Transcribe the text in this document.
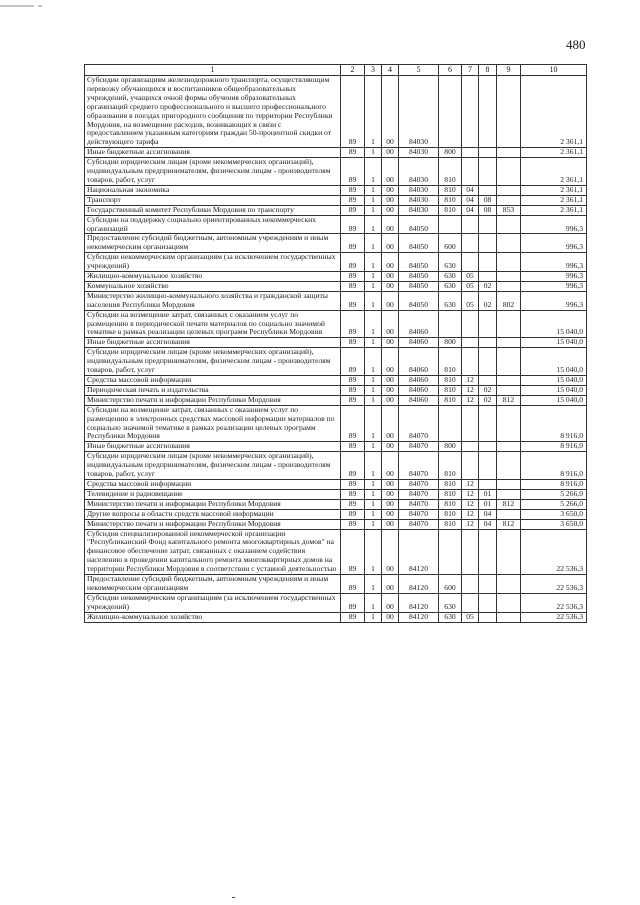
480
1	2	3	4	5	6	7	8	9	10
Субсидии организациям железнодорожного транспорта, осуществляющим перевозку обучающихся и воспитанников общеобразовательных учреждений, учащихся очной формы обучения образовательных организаций среднего профессионального и высшего профессионального образования в поездах пригородного сообщения по территории Республики Мордовия, на возмещение расходов, возникающих в связи с предоставлением указанным категориям граждан 50-процентной скидки от действующего тарифа	89	1	00	84030					2 361,1
Иные бюджетные ассигнования	89	1	00	84030	800				2 361,1
Субсидии юридическим лицам (кроме некоммерческих организаций), индивидуальным предпринимателям, физическим лицам - производителям товаров, работ, услуг	89	1	00	84030	810				2 361,1
Национальная экономика	89	1	00	84030	810	04			2 361,1
Транспорт	89	1	00	84030	810	04	08		2 361,1
Государственный комитет Республики Мордовия по транспорту	89	1	00	84030	810	04	08	853	2 361,1
Субсидии на поддержку социально ориентированных некоммерческих организаций	89	1	00	84050					996,3
Предоставление субсидий бюджетным, автономным учреждениям и иным некоммерческим организациям	89	1	00	84050	600				996,3
Субсидии некоммерческим организациям (за исключением государственных учреждений)	89	1	00	84050	630				996,3
Жилищно-коммунальное хозяйство	89	1	00	84050	630	05			996,3
Коммунальное хозяйство	89	1	00	84050	630	05	02		996,3
Министерство жилищно-коммунального хозяйства и гражданской защиты населения Республики Мордовия	89	1	00	84050	630	05	02	802	996,3
Субсидии на возмещение затрат, связанных с оказанием услуг по размещению в периодической печати материалов по социально значимой тематике в рамках реализации целевых программ Республики Мордовия	89	1	00	84060					15 040,0
Иные бюджетные ассигнования	89	1	00	84060	800				15 040,0
Субсидии юридическим лицам (кроме некоммерческих организаций), индивидуальным предпринимателям, физическим лицам - производителям товаров, работ, услуг	89	1	00	84060	810				15 040,0
Средства массовой информации	89	1	00	84060	810	12			15 040,0
Периодическая печать и издательства	89	1	00	84060	810	12	02		15 040,0
Министерство печати и информации Республики Мордовия	89	1	00	84060	810	12	02	812	15 040,0
Субсидии на возмещение затрат, связанных с оказанием услуг по размещению в электронных средствах массовой информации материалов по социально значимой тематике в рамках реализации целевых программ Республики Мордовия	89	1	00	84070					8 916,0
Иные бюджетные ассигнования	89	1	00	84070	800				8 916,0
Субсидии юридическим лицам (кроме некоммерческих организаций), индивидуальным предпринимателям, физическим лицам - производителям товаров, работ, услуг	89	1	00	84070	810				8 916,0
Средства массовой информации	89	1	00	84070	810	12			8 916,0
Телевидение и радиовещание	89	1	00	84070	810	12	01		5 266,0
Министерство печати и информации Республики Мордовия	89	1	00	84070	810	12	01	812	5 266,0
Другие вопросы в области средств массовой информации	89	1	00	84070	810	12	04		3 650,0
Министерство печати и информации Республики Мордовия	89	1	00	84070	810	12	04	812	3 650,0
Субсидия специализированной некоммерческой организации "Республиканский Фонд капитального ремонта многоквартирных домов" на финансовое обеспечение затрат, связанных с оказанием содействия населению в проведении капитального ремонта многоквартирных домов на территории Республики Мордовия в соответствии с уставной деятельностью	89	1	00	84120					22 536,3
Предоставление субсидий бюджетным, автономным учреждениям и иным некоммерческим организациям	89	1	00	84120	600				22 536,3
Субсидии некоммерческим организациям (за исключением государственных учреждений)	89	1	00	84120	630				22 536,3
Жилищно-коммунальное хозяйство	89	1	00	84120	630	05			22 536,3
